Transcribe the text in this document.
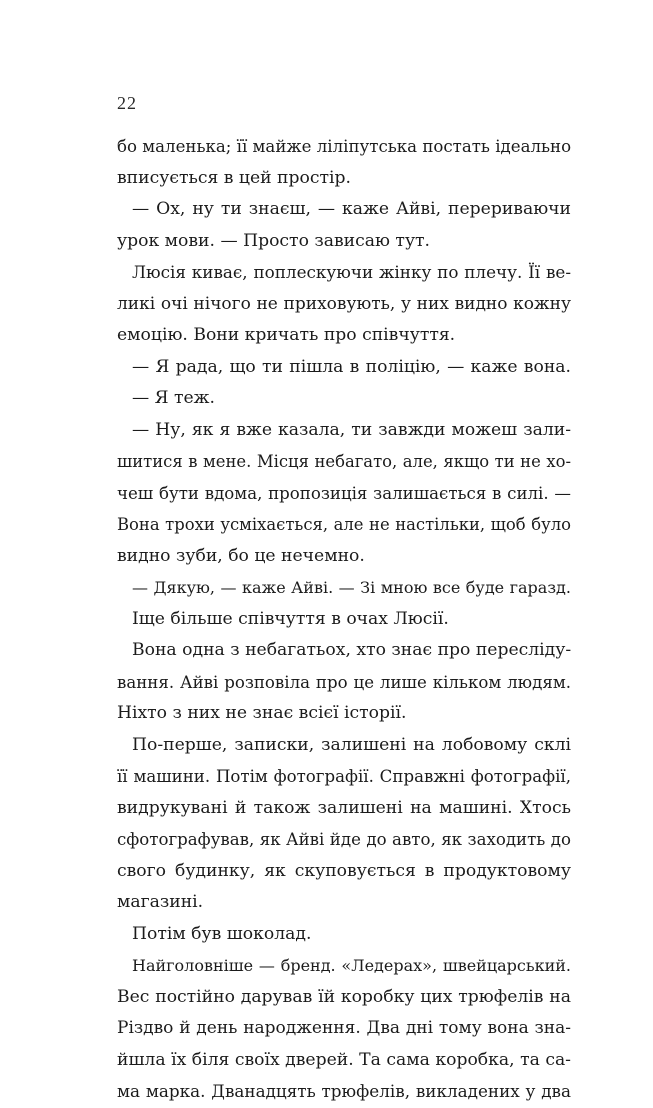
22
бо маленька; її майже ліліпутська постать ідеально
вписується в цей простір.
— Ох, ну ти знаєш, — каже Айві, перериваючи
урок мови. — Просто зависаю тут.
Люсія киває, поплескуючи жінку по плечу. Її ве-
ликі очі нічого не приховують, у них видно кожну
емоцію. Вони кричать про співчуття.
— Я рада, що ти пішла в поліцію, — каже вона.
— Я теж.
— Ну, як я вже казала, ти завжди можеш зали-
шитися в мене. Місця небагато, але, якщо ти не хо-
чеш бути вдома, пропозиція залишається в силі. —
Вона трохи усміхається, але не настільки, щоб було
видно зуби, бо це нечемно.
— Дякую, — каже Айві. — Зі мною все буде гаразд.
Іще більше співчуття в очах Люсії.
Вона одна з небагатьох, хто знає про пересліду-
вання. Айві розповіла про це лише кільком людям.
Ніхто з них не знає всієї історії.
По-перше, записки, залишені на лобовому склі
її машини. Потім фотографії. Справжні фотографії,
видрукувані й також залишені на машині. Хтось
сфотографував, як Айві йде до авто, як заходить до
свого будинку, як скуповується в продуктовому
магазині.
Потім був шоколад.
Найголовніше — бренд. «Ледерах», швейцарський.
Вес постійно дарував їй коробку цих трюфелів на
Різдво й день народження. Два дні тому вона зна-
йшла їх біля своїх дверей. Та сама коробка, та са-
ма марка. Дванадцять трюфелів, викладених у два
